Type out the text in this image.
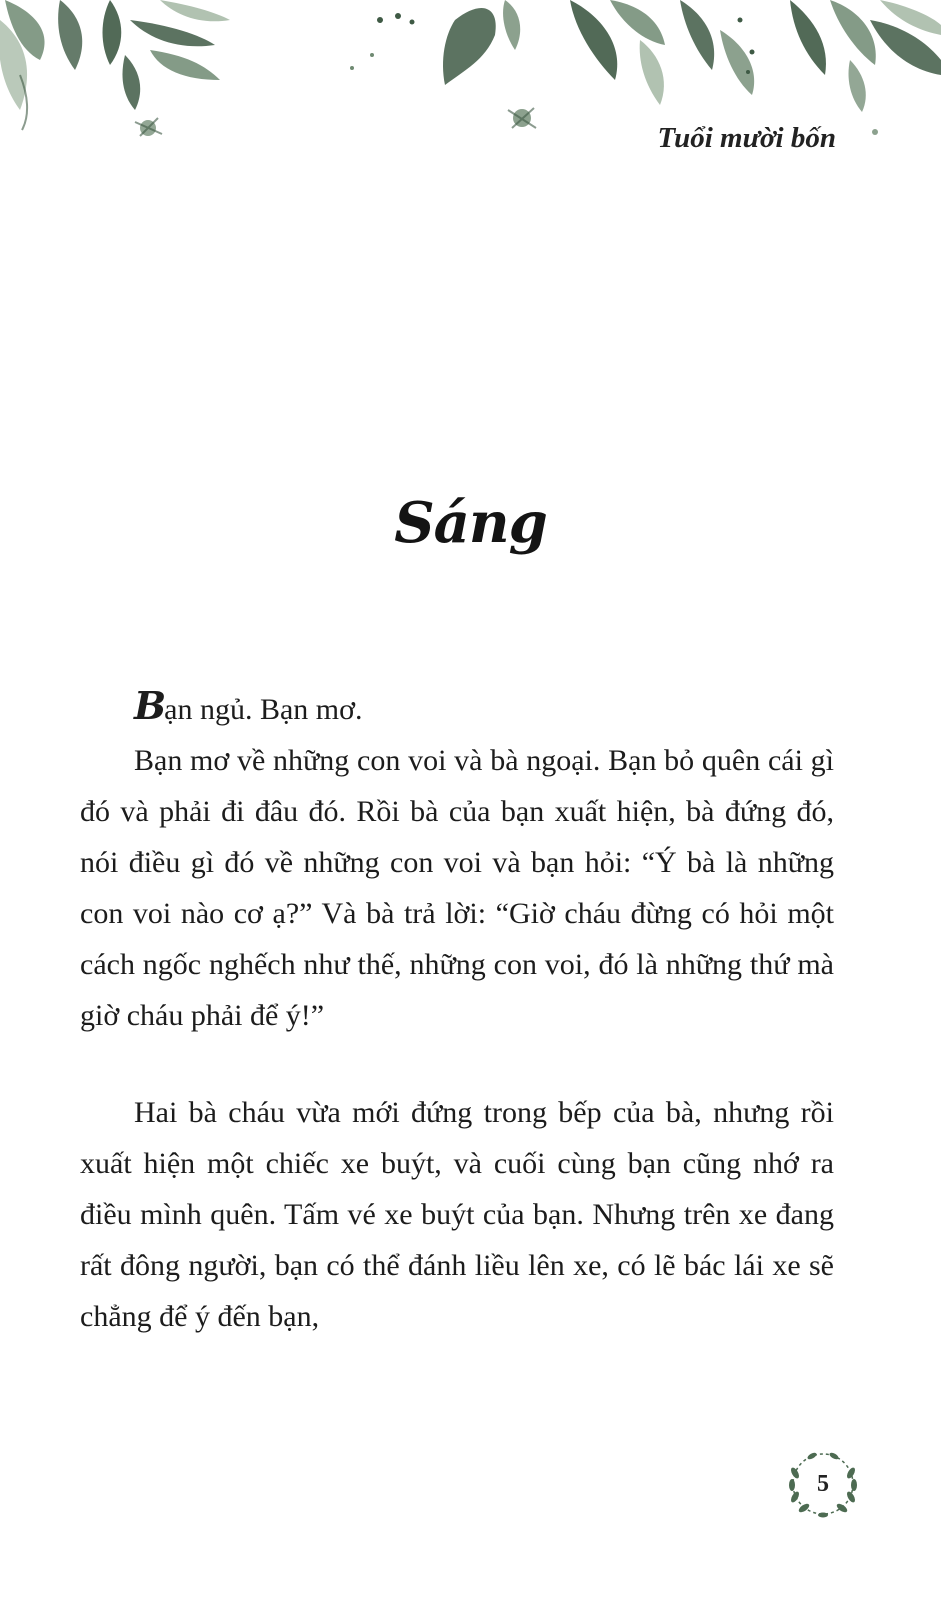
Tuổi mười bốn
Sáng

Bạn ngủ. Bạn mơ.

Bạn mơ về những con voi và bà ngoại. Bạn bỏ quên cái gì đó và phải đi đâu đó. Rồi bà của bạn xuất hiện, bà đứng đó, nói điều gì đó về những con voi và bạn hỏi: “Ý bà là những con voi nào cơ ạ?” Và bà trả lời: “Giờ cháu đừng có hỏi một cách ngốc nghếch như thế, những con voi, đó là những thứ mà giờ cháu phải để ý!”

Hai bà cháu vừa mới đứng trong bếp của bà, nhưng rồi xuất hiện một chiếc xe buýt, và cuối cùng bạn cũng nhớ ra điều mình quên. Tấm vé xe buýt của bạn. Nhưng trên xe đang rất đông người, bạn có thể đánh liều lên xe, có lẽ bác lái xe sẽ chẳng để ý đến bạn,

5
